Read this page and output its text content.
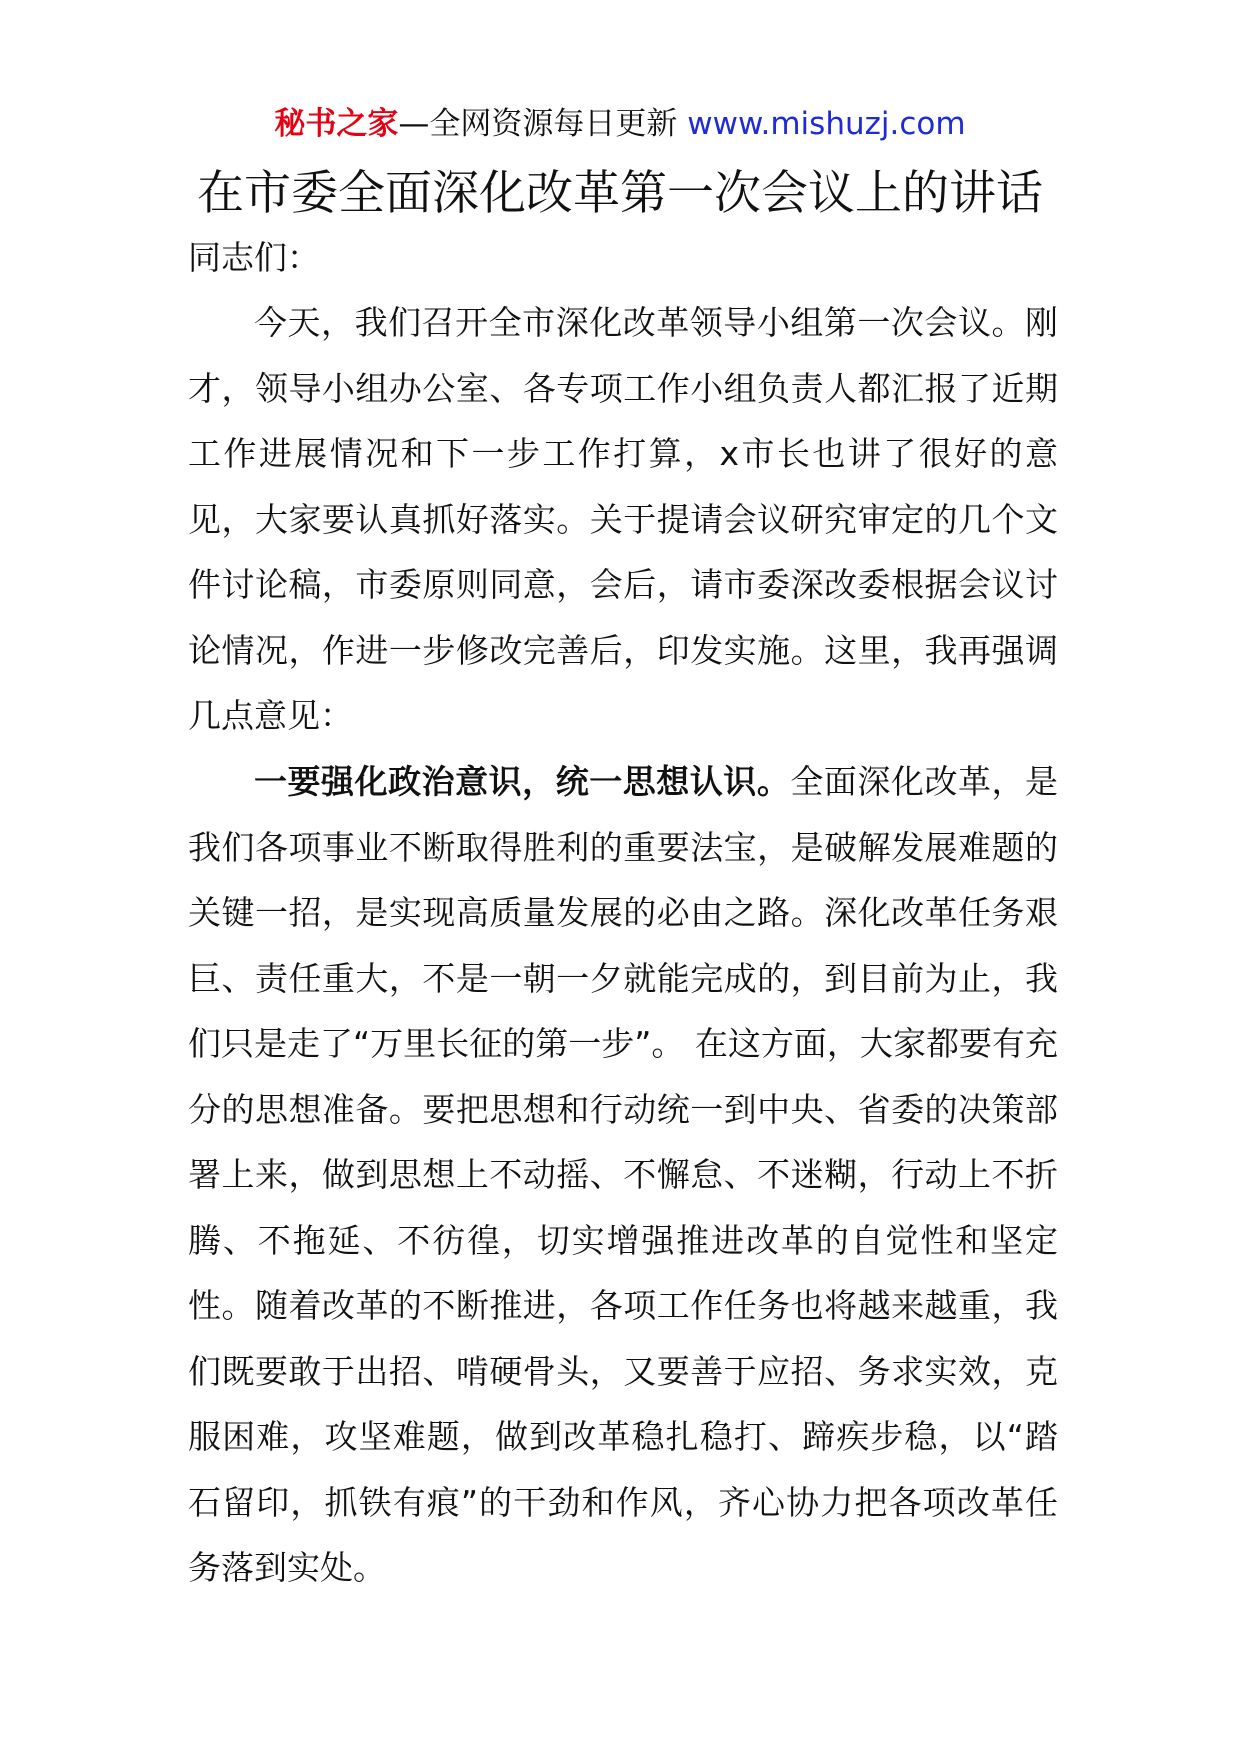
秘书之家—全网资源每日更新 www.mishuzj.com
在市委全面深化改革第一次会议上的讲话
同志们：

今天，我们召开全市深化改革领导小组第一次会议。刚才，领导小组办公室、各专项工作小组负责人都汇报了近期工作进展情况和下一步工作打算，x市长也讲了很好的意见，大家要认真抓好落实。关于提请会议研究审定的几个文件讨论稿，市委原则同意，会后，请市委深改委根据会议讨论情况，作进一步修改完善后，印发实施。这里，我再强调几点意见：

一要强化政治意识，统一思想认识。全面深化改革，是我们各项事业不断取得胜利的重要法宝，是破解发展难题的关键一招，是实现高质量发展的必由之路。深化改革任务艰巨、责任重大，不是一朝一夕就能完成的，到目前为止，我们只是走了“万里长征的第一步”。 在这方面，大家都要有充分的思想准备。要把思想和行动统一到中央、省委的决策部署上来，做到思想上不动摇、不懈怠、不迷糊，行动上不折腾、不拖延、不彷徨，切实增强推进改革的自觉性和坚定性。随着改革的不断推进，各项工作任务也将越来越重，我们既要敢于出招、啃硬骨头，又要善于应招、务求实效，克服困难，攻坚难题，做到改革稳扎稳打、蹄疾步稳，以“踏石留印，抓铁有痕”的干劲和作风，齐心协力把各项改革任务落到实处。
